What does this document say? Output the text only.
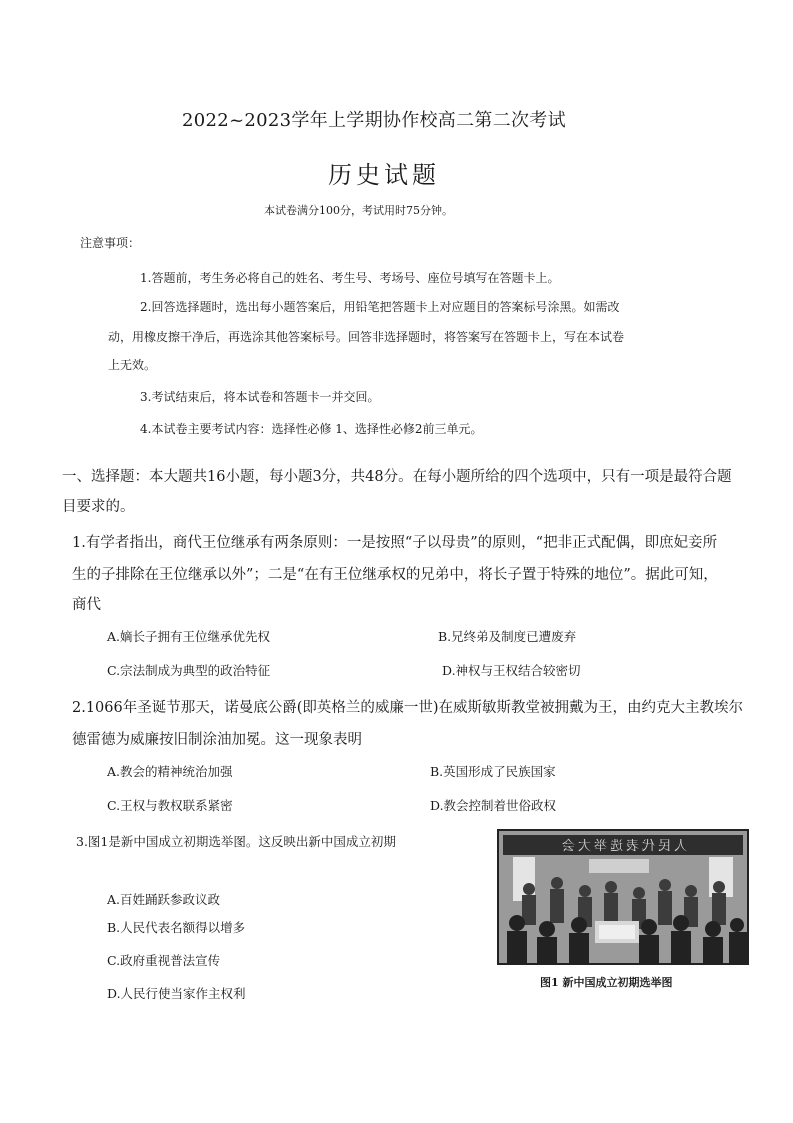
2022~2023学年上学期协作校高二第二次考试
历史试题
本试卷满分100分，考试用时75分钟。
注意事项：
1.答题前，考生务必将自己的姓名、考生号、考场号、座位号填写在答题卡上。
2.回答选择题时，选出每小题答案后，用铅笔把答题卡上对应题目的答案标号涂黑。如需改
动，用橡皮擦干净后，再选涂其他答案标号。回答非选择题时，将答案写在答题卡上，写在本试卷
上无效。
3.考试结束后，将本试卷和答题卡一并交回。
4.本试卷主要考试内容：选择性必修 1、选择性必修2前三单元。
一、选择题：本大题共16小题，每小题3分，共48分。在每小题所给的四个选项中，只有一项是最符合题
目要求的。
1.有学者指出，商代王位继承有两条原则：一是按照“子以母贵”的原则，“把非正式配偶，即庶妃妾所
生的子排除在王位继承以外”；二是“在有王位继承权的兄弟中，将长子置于特殊的地位”。据此可知，
商代
A.嫡长子拥有王位继承优先权	B.兄终弟及制度已遭废弃
C.宗法制成为典型的政治特征	D.神权与王权结合较密切
2.1066年圣诞节那天，诺曼底公爵(即英格兰的威廉一世)在威斯敏斯教堂被拥戴为王，由约克大主教埃尔
德雷德为威廉按旧制涂油加冕。这一现象表明
A.教会的精神统治加强	B.英国形成了民族国家
C.王权与教权联系紧密	D.教会控制着世俗政权
3.图1是新中国成立初期选举图。这反映出新中国成立初期
A.百姓踊跃参政议政
B.人民代表名额得以增多
C.政府重视普法宣传
D.人民行使当家作主权利
人民代表选举大会
图1 新中国成立初期选举图
